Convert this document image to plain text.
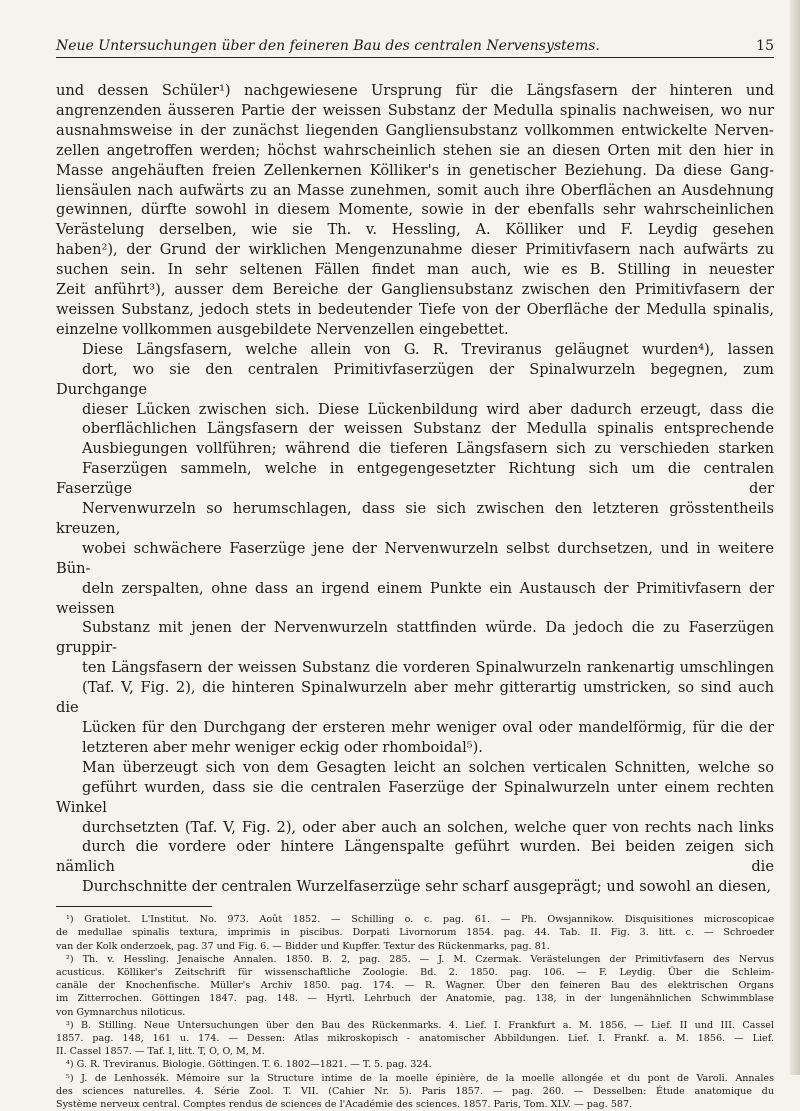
Neue Untersuchungen über den feineren Bau des centralen Nervensystems.	15

und dessen Schüler¹) nachgewiesene Ursprung für die Längsfasern der hinteren und
angrenzenden äusseren Partie der weissen Substanz der Medulla spinalis nachweisen, wo nur
ausnahmsweise in der zunächst liegenden Gangliensubstanz vollkommen entwickelte Nerven-
zellen angetroffen werden; höchst wahrscheinlich stehen sie an diesen Orten mit den hier in
Masse angehäuften freien Zellenkernen Kölliker's in genetischer Beziehung. Da diese Gang-
liensäulen nach aufwärts zu an Masse zunehmen, somit auch ihre Oberflächen an Ausdehnung
gewinnen, dürfte sowohl in diesem Momente, sowie in der ebenfalls sehr wahrscheinlichen
Verästelung derselben, wie sie Th. v. Hessling, A. Kölliker und F. Leydig gesehen
haben²), der Grund der wirklichen Mengenzunahme dieser Primitivfasern nach aufwärts zu
suchen sein. In sehr seltenen Fällen findet man auch, wie es B. Stilling in neuester
Zeit anführt³), ausser dem Bereiche der Gangliensubstanz zwischen den Primitivfasern der
weissen Substanz, jedoch stets in bedeutender Tiefe von der Oberfläche der Medulla spinalis,
einzelne vollkommen ausgebildete Nervenzellen eingebettet.

Diese Längsfasern, welche allein von G. R. Treviranus geläugnet wurden⁴), lassen
dort, wo sie den centralen Primitivfaserzügen der Spinalwurzeln begegnen, zum Durchgange
dieser Lücken zwischen sich. Diese Lückenbildung wird aber dadurch erzeugt, dass die
oberflächlichen Längsfasern der weissen Substanz der Medulla spinalis entsprechende
Ausbiegungen vollführen; während die tieferen Längsfasern sich zu verschieden starken
Faserzügen sammeln, welche in entgegengesetzter Richtung sich um die centralen Faserzüge der
Nervenwurzeln so herumschlagen, dass sie sich zwischen den letzteren grösstentheils kreuzen,
wobei schwächere Faserzüge jene der Nervenwurzeln selbst durchsetzen, und in weitere Bün-
deln zerspalten, ohne dass an irgend einem Punkte ein Austausch der Primitivfasern der weissen
Substanz mit jenen der Nervenwurzeln stattfinden würde. Da jedoch die zu Faserzügen gruppir-
ten Längsfasern der weissen Substanz die vorderen Spinalwurzeln rankenartig umschlingen
(Taf. V, Fig. 2), die hinteren Spinalwurzeln aber mehr gitterartig umstricken, so sind auch die
Lücken für den Durchgang der ersteren mehr weniger oval oder mandelförmig, für die der
letzteren aber mehr weniger eckig oder rhomboidal⁵).

Man überzeugt sich von dem Gesagten leicht an solchen verticalen Schnitten, welche so
geführt wurden, dass sie die centralen Faserzüge der Spinalwurzeln unter einem rechten Winkel
durchsetzten (Taf. V, Fig. 2), oder aber auch an solchen, welche quer von rechts nach links
durch die vordere oder hintere Längenspalte geführt wurden. Bei beiden zeigen sich nämlich die
Durchschnitte der centralen Wurzelfaserzüge sehr scharf ausgeprägt; und sowohl an diesen,

¹) Gratiolet. L'Institut. No. 973. Août 1852. — Schilling o. c. pag. 61. — Ph. Owsjannikow. Disquisitiones microscopicae
de medullae spinalis textura, imprimis in piscibus. Dorpati Livornorum 1854. pag. 44. Tab. II. Fig. 3. litt. c. — Schroeder
van der Kolk onderzoek, pag. 37 und Fig. 6. — Bidder und Kupffer. Textur des Rückenmarks, pag. 81.

²) Th. v. Hessling. Jenaische Annalen. 1850. B. 2, pag. 285. — J. M. Czermak. Verästelungen der Primitivfasern des Nervus
acusticus. Kölliker's Zeitschrift für wissenschaftliche Zoologie. Bd. 2. 1850. pag. 106. — F. Leydig. Über die Schleim-
canäle der Knochenfische. Müller's Archiv 1850. pag. 174. — R. Wagner. Über den feineren Bau des elektrischen Organs
im Zitterrochen. Göttingen 1847. pag. 148. — Hyrtl. Lehrbuch der Anatomie, pag. 138, in der lungenähnlichen Schwimmblase
von Gymnarchus niloticus.

³) B. Stilling. Neue Untersuchungen über den Bau des Rückenmarks. 4. Lief. I. Frankfurt a. M. 1856. — Lief. II und III. Cassel
1857. pag. 148, 161 u. 174. — Dessen: Atlas mikroskopisch - anatomischer Abbildungen. Lief. I. Frankf. a. M. 1856. — Lief.
II. Cassel 1857. — Taf. I, litt. T, O, O, M, M.

⁴) G. R. Treviranus. Biologie. Göttingen. T. 6. 1802—1821. — T. 5. pag. 324.

⁵) J. de Lenhossék. Mémoire sur la Structure intime de la moelle épinière, de la moelle allongée et du pont de Varoli. Annales
des sciences naturelles. 4. Série Zool. T. VII. (Cahier Nr. 5). Paris 1857. — pag. 260. — Desselben: Étude anatomique du
Système nerveux central. Comptes rendus de sciences de l'Académie des sciences. 1857. Paris, Tom. XLV. — pag. 587.
